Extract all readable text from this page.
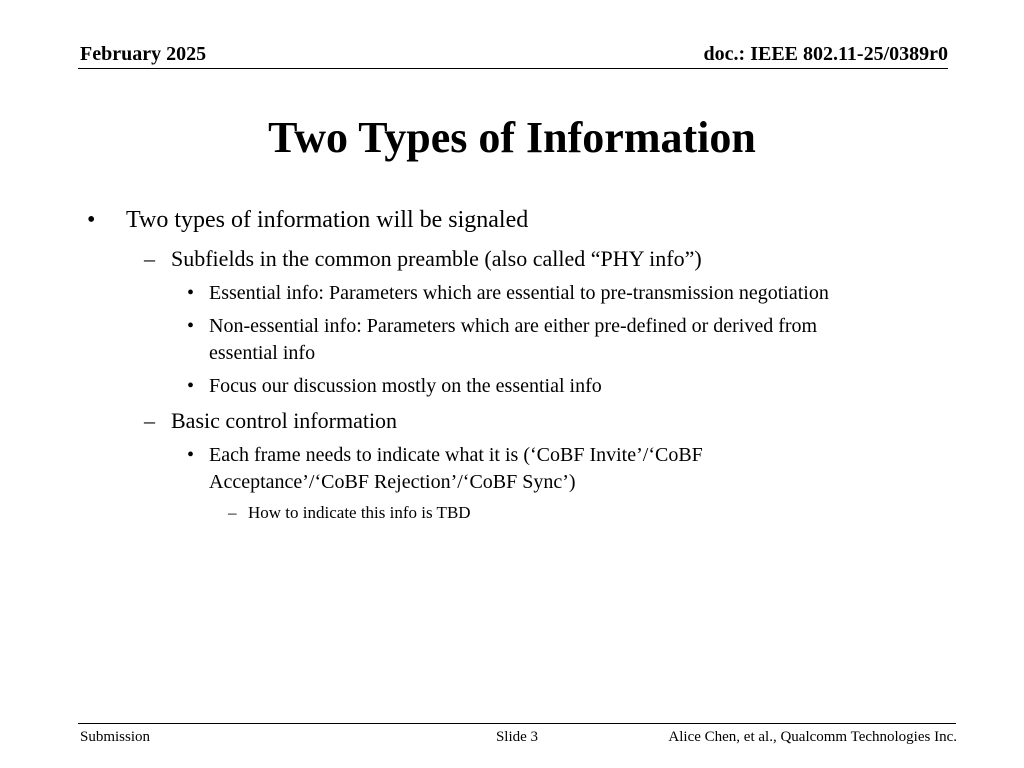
February 2025	doc.: IEEE 802.11-25/0389r0
Two Types of Information
• Two types of information will be signaled
– Subfields in the common preamble (also called “PHY info”)
• Essential info: Parameters which are essential to pre-transmission negotiation
• Non-essential info: Parameters which are either pre-defined or derived from
essential info
• Focus our discussion mostly on the essential info
– Basic control information
• Each frame needs to indicate what it is (‘CoBF Invite’/‘CoBF
Acceptance’/‘CoBF Rejection’/‘CoBF Sync’)
– How to indicate this info is TBD
Submission	Slide 3	Alice Chen, et al., Qualcomm Technologies Inc.
